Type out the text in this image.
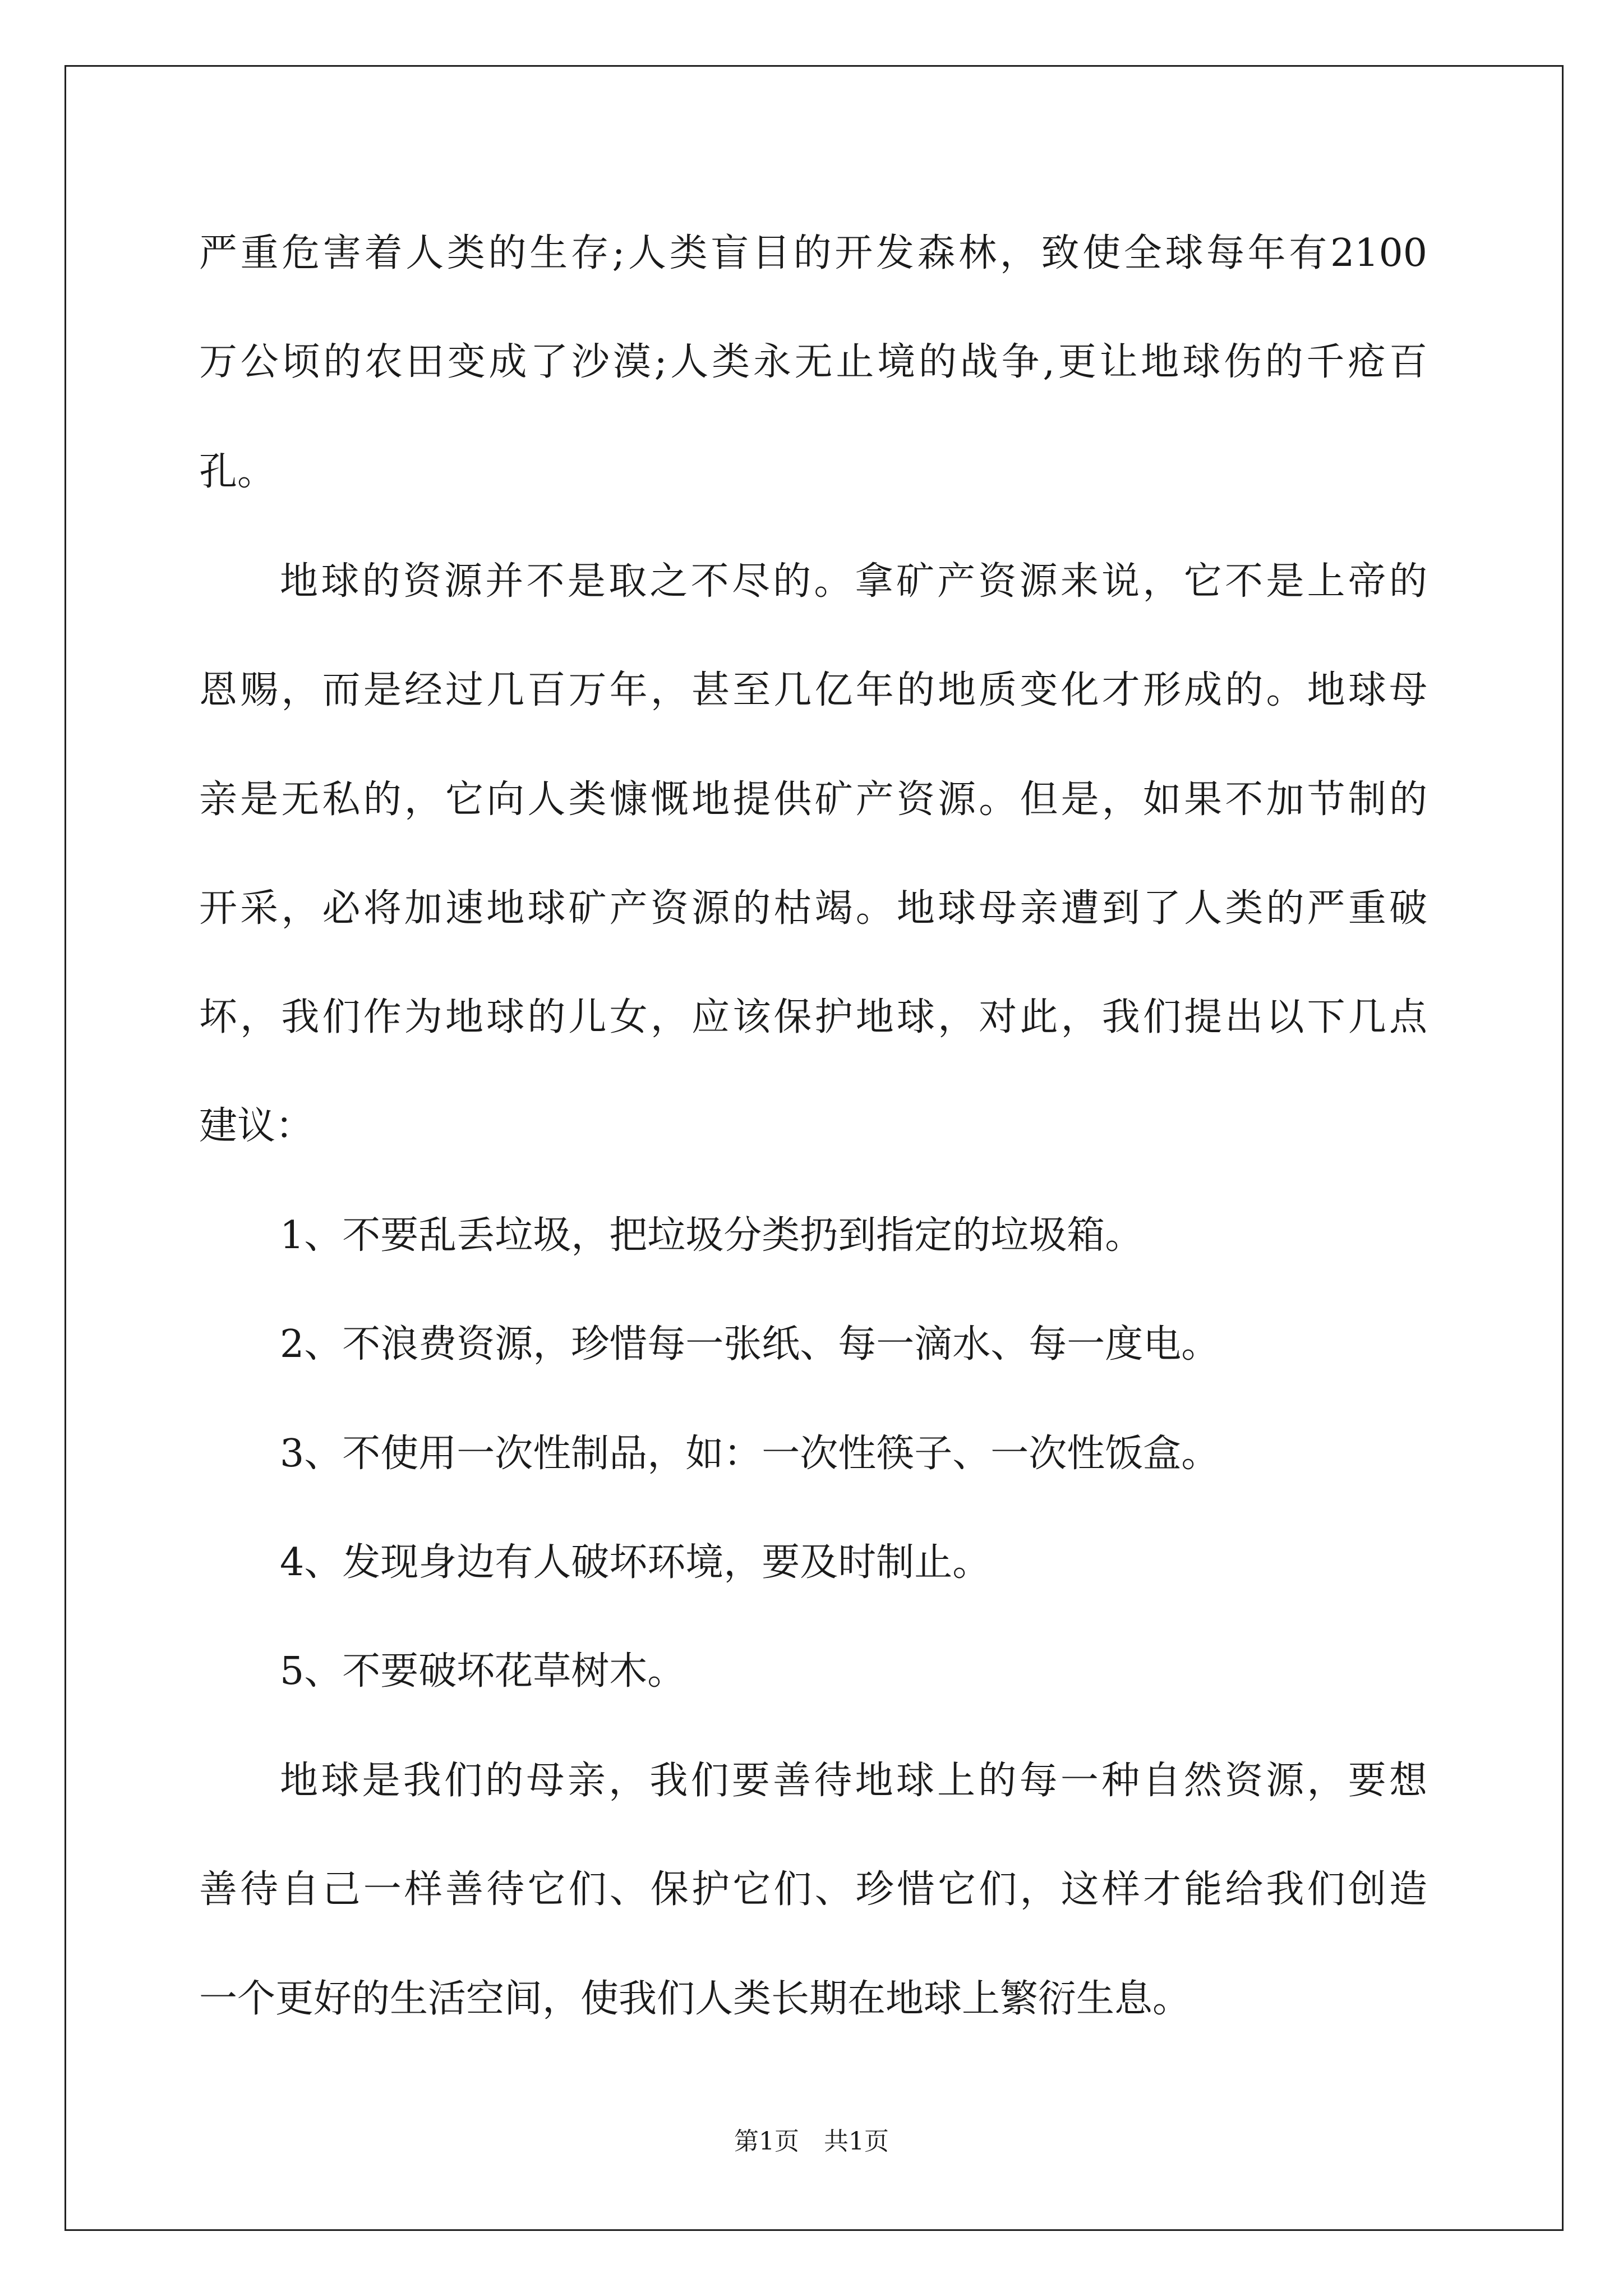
严重危害着人类的生存;人类盲目的开发森林，致使全球每年有2100
万公顷的农田变成了沙漠;人类永无止境的战争,更让地球伤的千疮百
孔。
地球的资源并不是取之不尽的。拿矿产资源来说，它不是上帝的
恩赐，而是经过几百万年，甚至几亿年的地质变化才形成的。地球母
亲是无私的，它向人类慷慨地提供矿产资源。但是，如果不加节制的
开采，必将加速地球矿产资源的枯竭。地球母亲遭到了人类的严重破
坏，我们作为地球的儿女，应该保护地球，对此，我们提出以下几点
建议：
1、不要乱丢垃圾，把垃圾分类扔到指定的垃圾箱。
2、不浪费资源，珍惜每一张纸、每一滴水、每一度电。
3、不使用一次性制品，如：一次性筷子、一次性饭盒。
4、发现身边有人破坏环境，要及时制止。
5、不要破坏花草树木。
地球是我们的母亲，我们要善待地球上的每一种自然资源，要想
善待自己一样善待它们、保护它们、珍惜它们，这样才能给我们创造
一个更好的生活空间，使我们人类长期在地球上繁衍生息。
第1页　共1页
